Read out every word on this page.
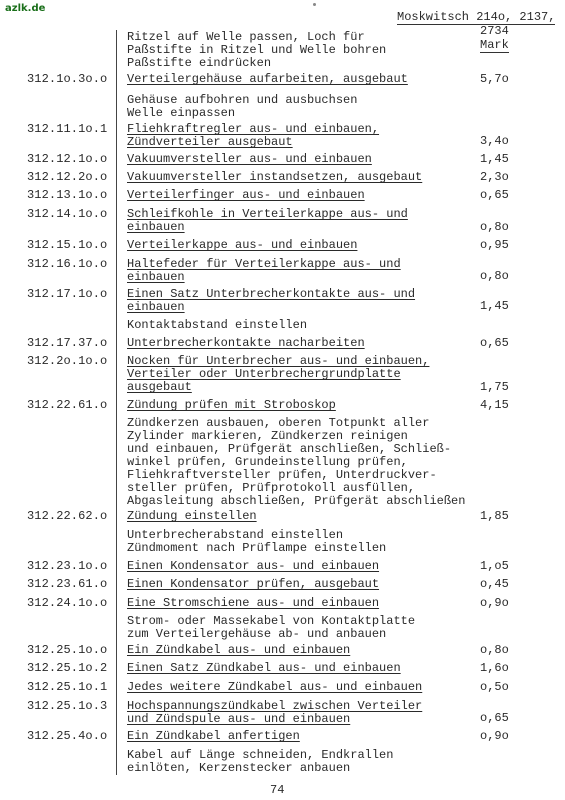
azlk.de
Moskwitsch 214o, 2137,
2734
Mark
Ritzel auf Welle passen, Loch für
Paßstifte in Ritzel und Welle bohren
Paßstifte eindrücken
312.1o.3o.o Verteilergehäuse aufarbeiten, ausgebaut	5,7o
Gehäuse aufbohren und ausbuchsen
Welle einpassen
312.11.1o.1 Fliehkraftregler aus- und einbauen,
Zündverteiler ausgebaut	3,4o
312.12.1o.o Vakuumversteller aus- und einbauen	1,45
312.12.2o.o Vakuumversteller instandsetzen, ausgebaut	2,3o
312.13.1o.o Verteilerfinger aus- und einbauen	o,65
312.14.1o.o Schleifkohle in Verteilerkappe aus- und
einbauen	o,8o
312.15.1o.o Verteilerkappe aus- und einbauen	o,95
312.16.1o.o Haltefeder für Verteilerkappe aus- und
einbauen	o,8o
312.17.1o.o Einen Satz Unterbrecherkontakte aus- und
einbauen	1,45
Kontaktabstand einstellen
312.17.37.o Unterbrecherkontakte nacharbeiten	o,65
312.2o.1o.o Nocken für Unterbrecher aus- und einbauen,
Verteiler oder Unterbrechergrundplatte
ausgebaut	1,75
312.22.61.o Zündung prüfen mit Stroboskop	4,15
Zündkerzen ausbauen, oberen Totpunkt aller
Zylinder markieren, Zündkerzen reinigen
und einbauen, Prüfgerät anschließen, Schließ-
winkel prüfen, Grundeinstellung prüfen,
Fliehkraftversteller prüfen, Unterdruckver-
steller prüfen, Prüfprotokoll ausfüllen,
Abgasleitung abschließen, Prüfgerät abschließen
312.22.62.o Zündung einstellen	1,85
Unterbrecherabstand einstellen
Zündmoment nach Prüflampe einstellen
312.23.1o.o Einen Kondensator aus- und einbauen	1,o5
312.23.61.o Einen Kondensator prüfen, ausgebaut	o,45
312.24.1o.o Eine Stromschiene aus- und einbauen	o,9o
Strom- oder Massekabel von Kontaktplatte
zum Verteilergehäuse ab- und anbauen
312.25.1o.o Ein Zündkabel aus- und einbauen	o,8o
312.25.1o.2 Einen Satz Zündkabel aus- und einbauen	1,6o
312.25.1o.1 Jedes weitere Zündkabel aus- und einbauen	o,5o
312.25.1o.3 Hochspannungszündkabel zwischen Verteiler
und Zündspule aus- und einbauen	o,65
312.25.4o.o Ein Zündkabel anfertigen	o,9o
Kabel auf Länge schneiden, Endkrallen
einlöten, Kerzenstecker anbauen
74
